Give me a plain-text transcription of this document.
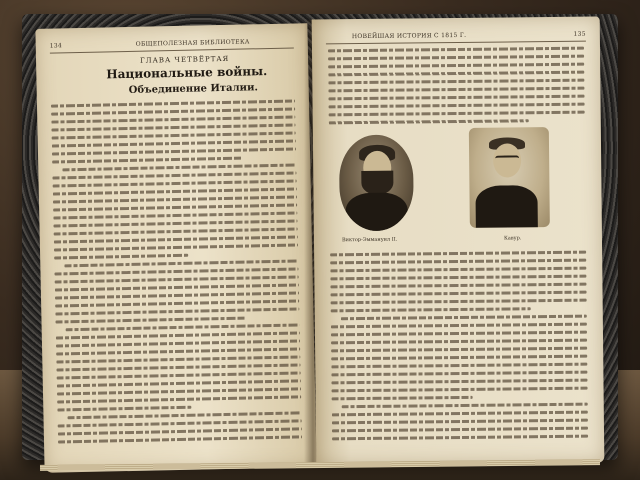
134	ОБЩЕПОЛЕЗНАЯ БИБЛИОТЕКА
ГЛАВА ЧЕТВЁРТАЯ
Национальные войны.
Объединение Италии.
НОВЕЙШАЯ ИСТОРИЯ С 1815 Г.	135
Виктор-Эммануил II.	Кавур.
